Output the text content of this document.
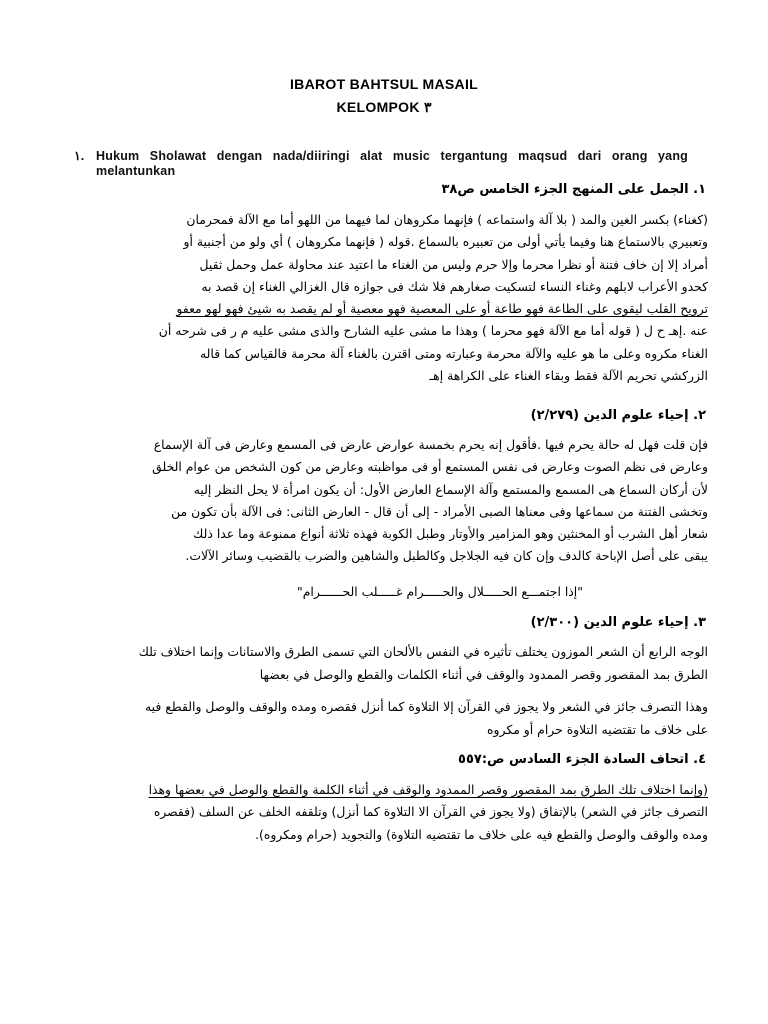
IBAROT BAHTSUL MASAIL
KELOMPOK ٣
١. Hukum Sholawat dengan nada/diiringi alat music tergantung maqsud dari orang yang melantunkan
١. الجمل على المنهج الجزء الخامس ص٣٨
(كغناء) بكسر الغين والمد ( بلا آلة واستماعه ) فإنهما مكروهان لما فيهما من اللهو أما مع الآلة فمحرمان
وتعبيري بالاستماع هنا وفيما يأتي أولى من تعبيره بالسماع .قوله ( فإنهما مكروهان ) أي ولو من أجنبية أو
أمراد إلا إن خاف فتنة أو نظرا محرما وإلا حرم وليس من الغناء ما اعتيد عند محاولة عمل وحمل ثقيل
كحدو الأعراب لابلهم وغناء النساء لتسكيت صغارهم فلا شك فى جوازه قال الغزالي الغناء إن قصد به
ترويح القلب ليقوى على الطاعة فهو طاعة أو على المعصية فهو معصية أو لم يقصد به شيئ فهو لهو معفو
عنه .إهـ ح ل ( قوله أما مع الآلة فهو محرما ) وهذا ما مشى عليه الشارح والذى مشى عليه م ر فى شرحه أن
الغناء مكروه وعلى ما هو عليه والآلة محرمة وعبارته ومتى اقترن بالغناء آلة محرمة فالقياس كما قاله
الزركشي تحريم الآلة فقط وبقاء الغناء على الكراهة إهـ
٢. إحياء علوم الدين (٢/٢٧٩)
فإن قلت فهل له حالة يحرم فيها .فأقول إنه يحرم بخمسة عوارض عارض فى المسمع وعارض فى آلة الإسماع
وعارض فى نظم الصوت وعارض فى نفس المستمع أو فى مواظبته وعارض من كون الشخص من عوام الخلق
لأن أركان السماع هى المسمع والمستمع وآلة الإسماع العارض الأول: أن يكون امرأة لا يحل النظر إليه
وتخشى الفتنة من سماعها وفى معناها الصبى الأمراد - إلى أن قال - العارض الثانى: فى الآلة بأن تكون من
شعار أهل الشرب أو المخنثين وهو المزامير والأوتار وطبل الكوبة فهذه ثلاثة أنواع ممنوعة وما عدا ذلك
يبقى على أصل الإباحة كالدف وإن كان فيه الجلاجل وكالطبل والشاهين والضرب بالقضيب وسائر الآلات.
"إذا اجتمـــع الحـــــلال والحـــــرام غـــــلب الحــــــرام"
٣. إحياء علوم الدين (٢/٣٠٠)
الوجه الرابع أن الشعر الموزون يختلف تأثيره في النفس بالألحان التي تسمى الطرق والاستانات وإنما اختلاف تلك
الطرق بمد المقصور وقصر الممدود والوقف في أثناء الكلمات والقطع والوصل في بعضها
وهذا التصرف جائز في الشعر ولا يجوز في القرآن إلا التلاوة كما أنزل فقصره ومده والوقف والوصل والقطع فيه
على خلاف ما تقتضيه التلاوة حرام أو مكروه
٤. اتحاف السادة الجزء السادس ص:٥٥٧
(وإنما اختلاف تلك الطرق بمد المقصور وقصر الممدود والوقف في أثناء الكلمة والقطع والوصل في بعضها وهذا
التصرف جائز في الشعر) بالإتفاق (ولا يجوز في القرآن الا التلاوة كما أنزل) وتلقفه الخلف عن السلف (فقصره
ومده والوقف والوصل والقطع فيه على خلاف ما تقتضيه التلاوة) والتجويد (حرام ومكروه).
